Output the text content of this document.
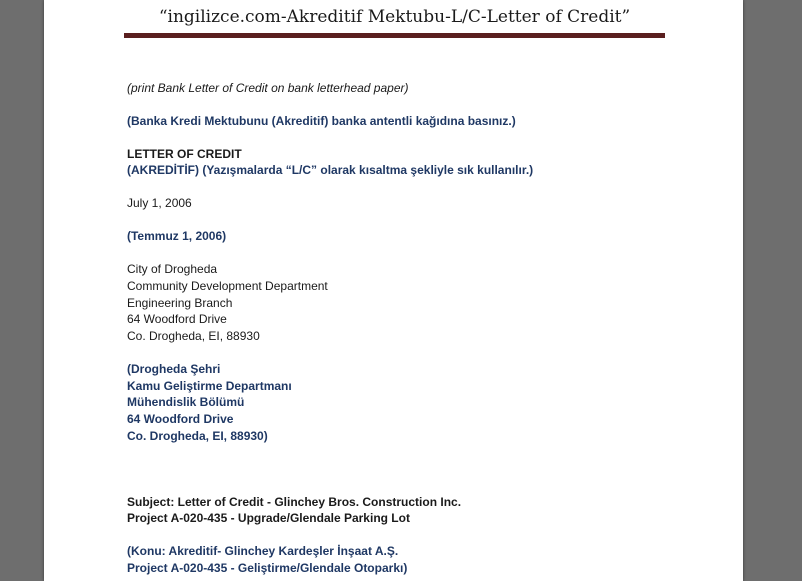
“ingilizce.com-Akreditif Mektubu-L/C-Letter of Credit”
(print Bank Letter of Credit on bank letterhead paper)
(Banka Kredi Mektubunu (Akreditif) banka antentli kağıdına basınız.)
LETTER OF CREDIT
(AKREDİTİF) (Yazışmalarda “L/C” olarak kısaltma şekliyle sık kullanılır.)
July 1, 2006
(Temmuz 1, 2006)
City of Drogheda
Community Development Department
Engineering Branch
64 Woodford Drive
Co. Drogheda, EI, 88930
(Drogheda Şehri
Kamu Geliştirme Departmanı
Mühendislik Bölümü
64 Woodford Drive
Co. Drogheda, EI, 88930)
Subject: Letter of Credit - Glinchey Bros. Construction Inc.
Project A-020-435 - Upgrade/Glendale Parking Lot
(Konu: Akreditif- Glinchey Kardeşler İnşaat A.Ş.
Project A-020-435 - Geliştirme/Glendale Otoparkı)
